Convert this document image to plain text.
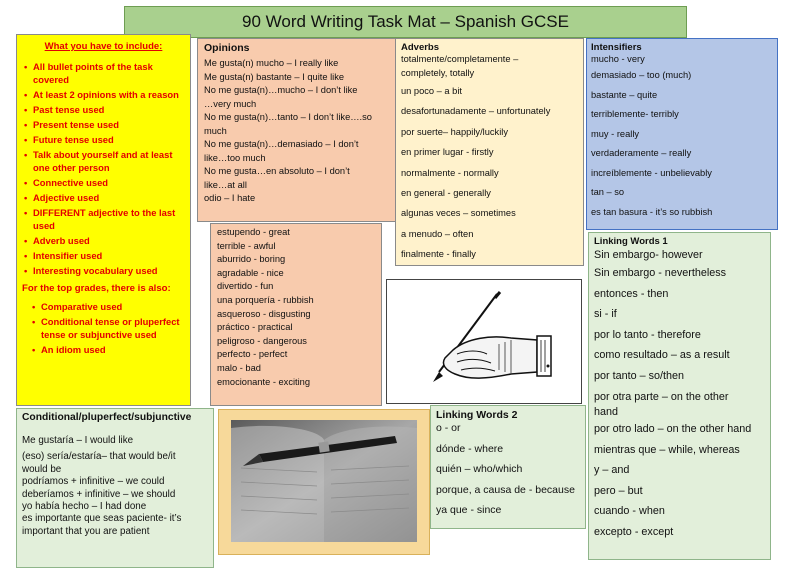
90 Word Writing Task Mat – Spanish GCSE
What you have to include:
• All bullet points of the task covered
• At least 2 opinions with a reason
• Past tense used
• Present tense used
• Future tense used
• Talk about yourself and at least one other person
• Connective used
• Adjective used
• DIFFERENT adjective to the last used
• Adverb used
• Intensifier used
• Interesting vocabulary used
For the top grades, there is also:
• Comparative used
• Conditional tense or pluperfect tense or subjunctive used
• An idiom used
Opinions
Me gusta(n) mucho – I really like
Me gusta(n) bastante – I quite like
No me gusta(n)…mucho – I don’t like
…very much
No me gusta(n)…tanto – I don’t like….so
much
No me gusta(n)…demasiado – I don’t
like…too much
No me gusta…en absoluto – I don’t
like…at all
odio – I hate
estupendo - great
terrible - awful
aburrido - boring
agradable - nice
divertido - fun
una porquería - rubbish
asqueroso - disgusting
práctico - practical
peligroso - dangerous
perfecto - perfect
malo - bad
emocionante - exciting
Adverbs
totalmente/completamente –
completely, totally
un poco – a bit
desafortunadamente – unfortunately
por suerte– happily/luckily
en primer lugar - firstly
normalmente - normally
en general - generally
algunas veces – sometimes
a menudo – often
finalmente - finally
Intensifiers
mucho - very
demasiado – too (much)
bastante – quite
terriblemente- terribly
muy - really
verdaderamente – really
increíblemente - unbelievably
tan – so
es tan basura - it’s so rubbish
Linking Words 1
Sin embargo- however
Sin embargo - nevertheless
entonces - then
si - if
por lo tanto - therefore
como resultado – as a result
por tanto – so/then
por otra parte – on the other
hand
por otro lado – on the other hand
mientras que – while, whereas
y – and
pero – but
cuando - when
excepto - except
Linking Words 2
o - or
dónde - where
quién – who/which
porque, a causa de - because
ya que - since
Conditional/pluperfect/subjunctive
Me gustaría – I would like
(eso) sería/estaría– that would be/it
would be
podríamos + infinitive – we could
deberíamos + infinitive – we should
yo había hecho – I had done
es importante que seas paciente- it’s
important that you are patient
